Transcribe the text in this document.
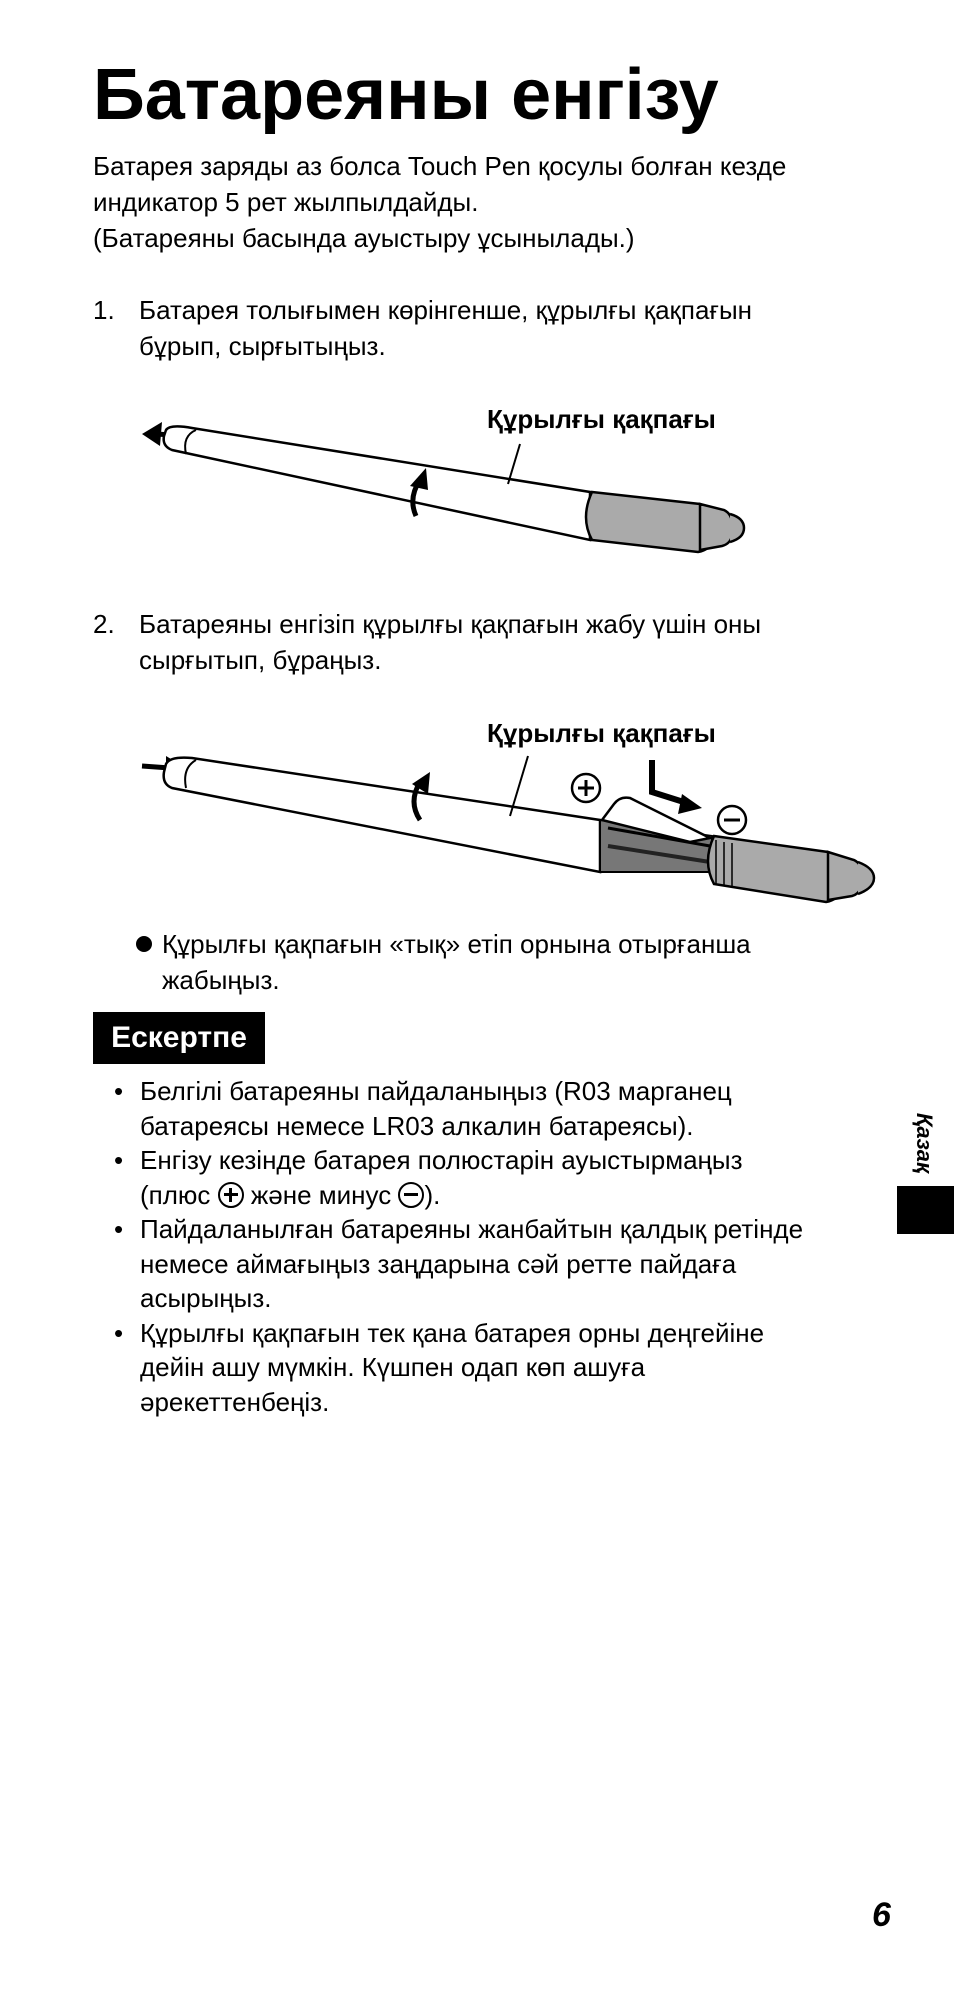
Батареяны енгізу
Батарея заряды аз болса Touch Pen қосулы болған кезде
индикатор 5 рет жылпылдайды.
(Батареяны басында ауыстыру ұсынылады.)
1. Батарея толығымен көрінгенше, құрылғы қақпағын
бұрып, сырғытыңыз.
Құрылғы қақпағы
2. Батареяны енгізіп құрылғы қақпағын жабу үшін оны
сырғытып, бұраңыз.
Құрылғы қақпағы
Құрылғы қақпағын «тық» етіп орнына отырғанша
жабыңыз.
Ескертпе
• Белгілі батареяны пайдаланыңыз (R03 марганец
батареясы немесе LR03 алкалин батареясы).
• Енгізу кезінде батарея полюстарін ауыстырмаңыз
(плюс  және минус ).
• Пайдаланылған батареяны жанбайтын қалдық ретінде
немесе аймағыңыз заңдарына сәй ретте пайдаға
асырыңыз.
• Құрылғы қақпағын тек қана батарея орны деңгейіне
дейін ашу мүмкін. Күшпен одап көп ашуға
әрекеттенбеңіз.
Қазақ
6
